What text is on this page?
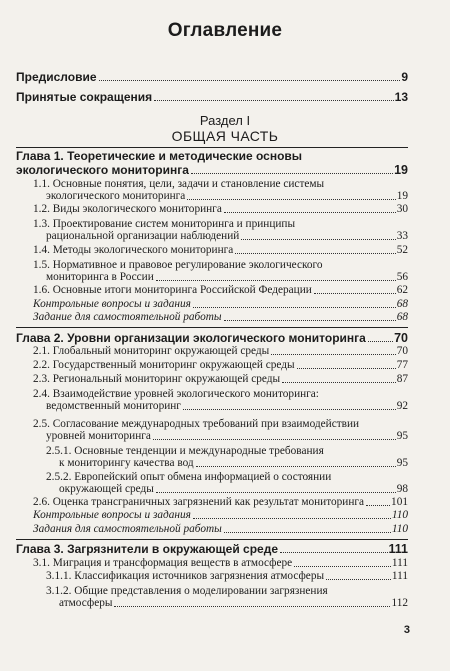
Оглавление
Предисловие	9
Принятые сокращения	13
Раздел I
ОБЩАЯ ЧАСТЬ
Глава 1. Теоретические и методические основы
экологического мониторинга	19
1.1. Основные понятия, цели, задачи и становление системы
экологического мониторинга	19
1.2. Виды экологического мониторинга	30
1.3. Проектирование систем мониторинга и принципы
рациональной организации наблюдений	33
1.4. Методы экологического мониторинга	52
1.5. Нормативное и правовое регулирование экологического
мониторинга в России	56
1.6. Основные итоги мониторинга Российской Федерации	62
Контрольные вопросы и задания	68
Задание для самостоятельной работы	68
Глава 2. Уровни организации экологического мониторинга 70
2.1. Глобальный мониторинг окружающей среды	70
2.2. Государственный мониторинг окружающей среды	77
2.3. Региональный мониторинг окружающей среды	87
2.4. Взаимодействие уровней экологического мониторинга:
ведомственный мониторинг	92
2.5. Согласование международных требований при взаимодействии
уровней мониторинга	95
2.5.1. Основные тенденции и международные требования
к мониторингу качества вод	95
2.5.2. Европейский опыт обмена информацией о состоянии
окружающей среды	98
2.6. Оценка трансграничных загрязнений как результат мониторинга 101
Контрольные вопросы и задания	110
Задания для самостоятельной работы	110
Глава 3. Загрязнители в окружающей среде	111
3.1. Миграция и трансформация веществ в атмосфере	111
3.1.1. Классификация источников загрязнения атмосферы	111
3.1.2. Общие представления о моделировании загрязнения
атмосферы	112
3
